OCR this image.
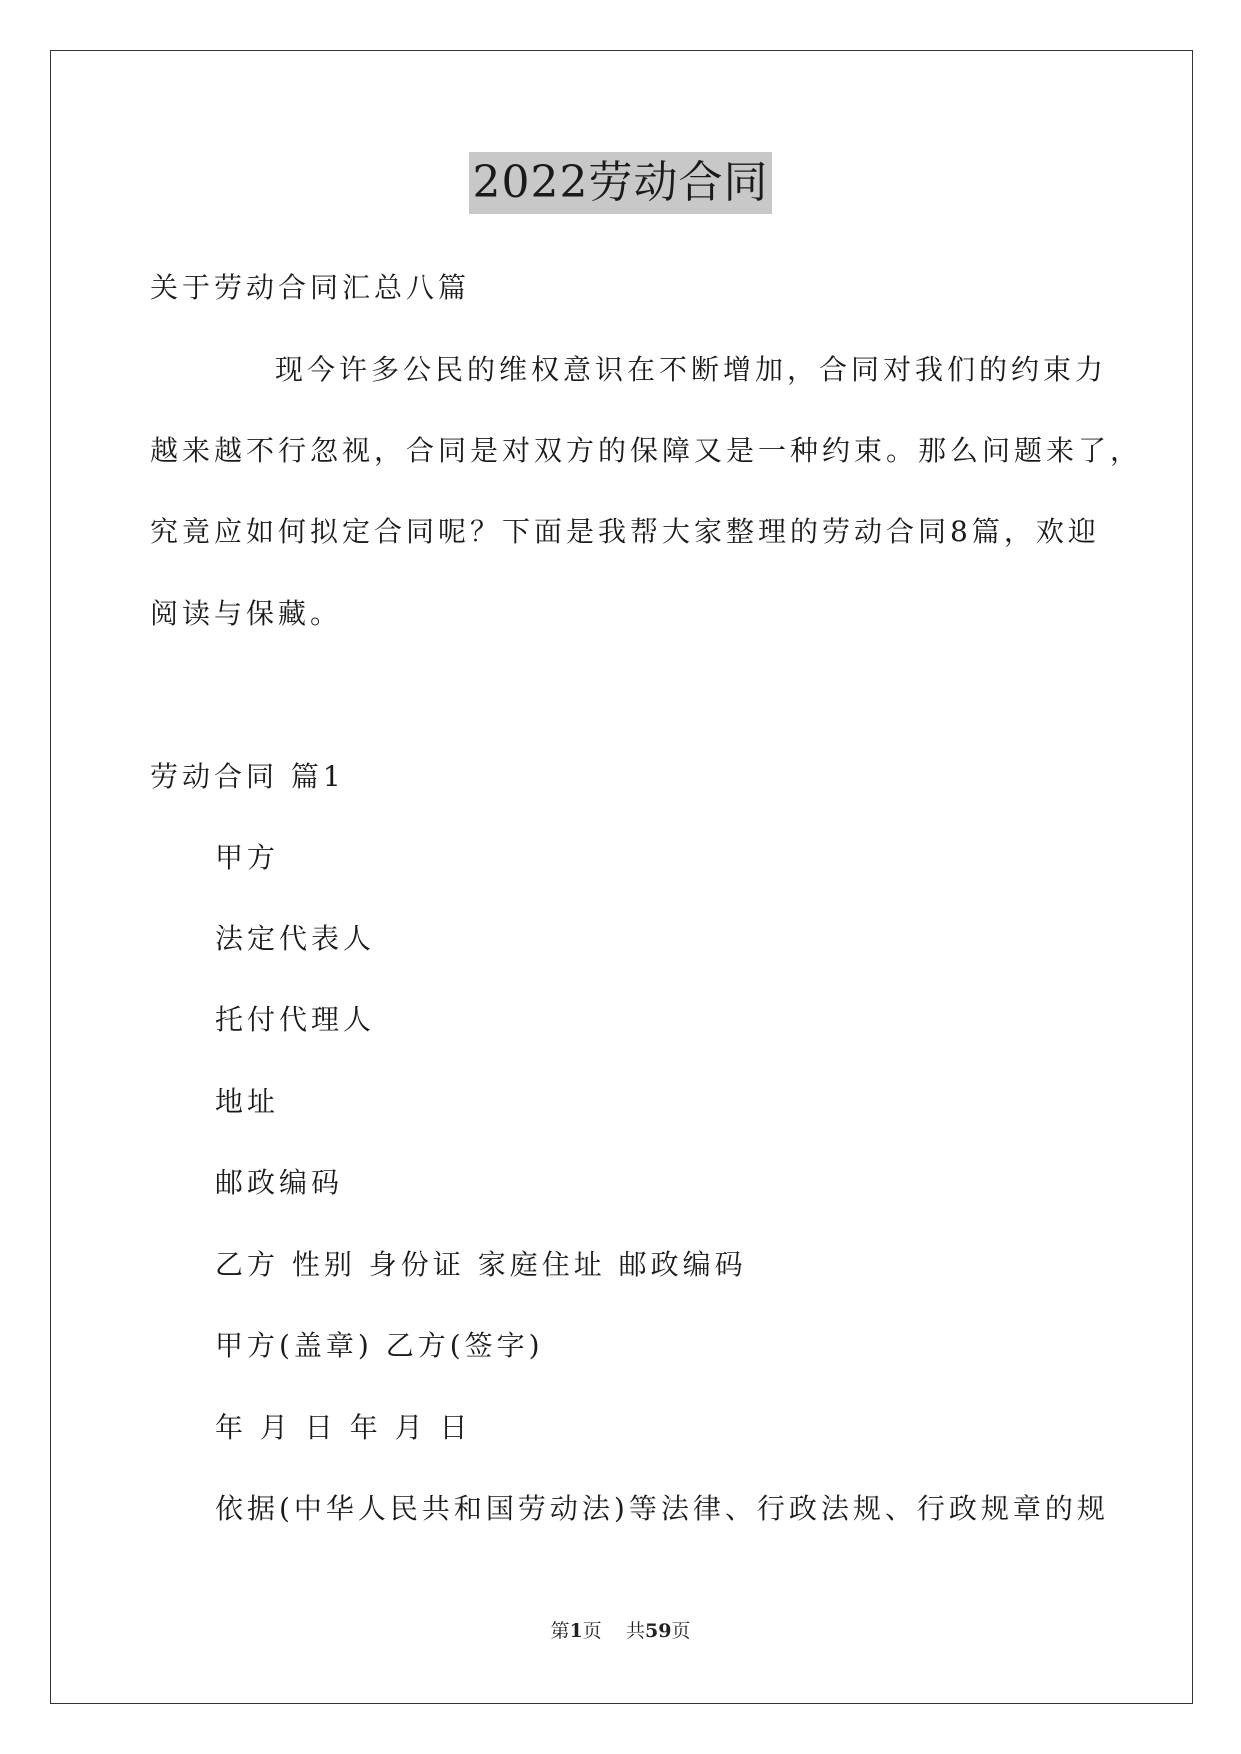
2022劳动合同
关于劳动合同汇总八篇
现今许多公民的维权意识在不断增加，合同对我们的约束力
越来越不行忽视，合同是对双方的保障又是一种约束。那么问题来了，
究竟应如何拟定合同呢？下面是我帮大家整理的劳动合同8篇，欢迎
阅读与保藏。
劳动合同 篇1
甲方
法定代表人
托付代理人
地址
邮政编码
乙方 性别 身份证 家庭住址 邮政编码
甲方(盖章) 乙方(签字)
年 月 日 年 月 日
依据(中华人民共和国劳动法)等法律、行政法规、行政规章的规
第1页 共59页
